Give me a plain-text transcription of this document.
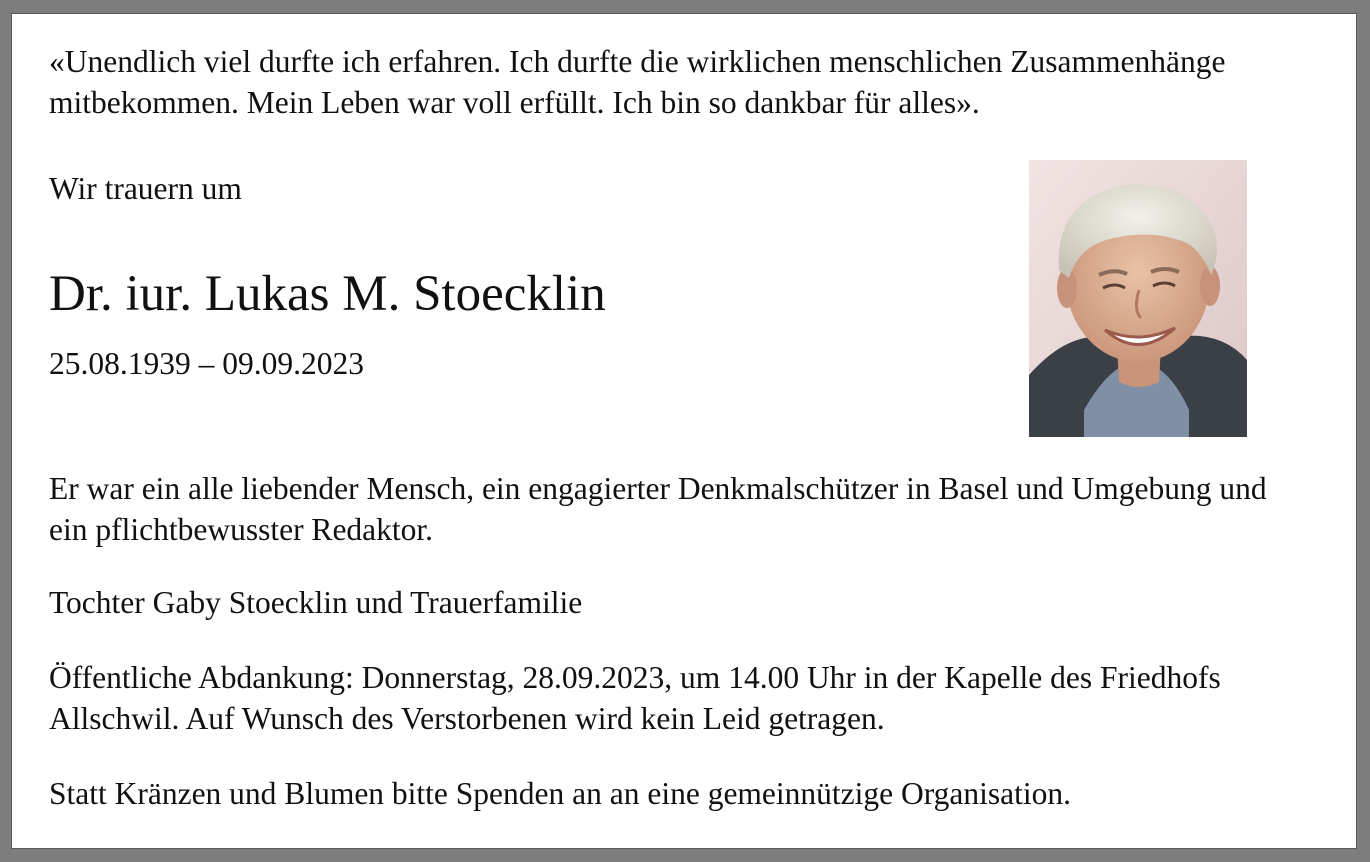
«Unendlich viel durfte ich erfahren. Ich durfte die wirklichen menschlichen Zusammenhänge mitbekommen. Mein Leben war voll erfüllt. Ich bin so dankbar für alles».

Wir trauern um

Dr. iur. Lukas M. Stoecklin

25.08.1939 – 09.09.2023

Er war ein alle liebender Mensch, ein engagierter Denkmalschützer in Basel und Umgebung und ein pflichtbewusster Redaktor.

Tochter Gaby Stoecklin und Trauerfamilie

Öffentliche Abdankung: Donnerstag, 28.09.2023, um 14.00 Uhr in der Kapelle des Friedhofs Allschwil. Auf Wunsch des Verstorbenen wird kein Leid getragen.

Statt Kränzen und Blumen bitte Spenden an an eine gemeinnützige Organisation.
